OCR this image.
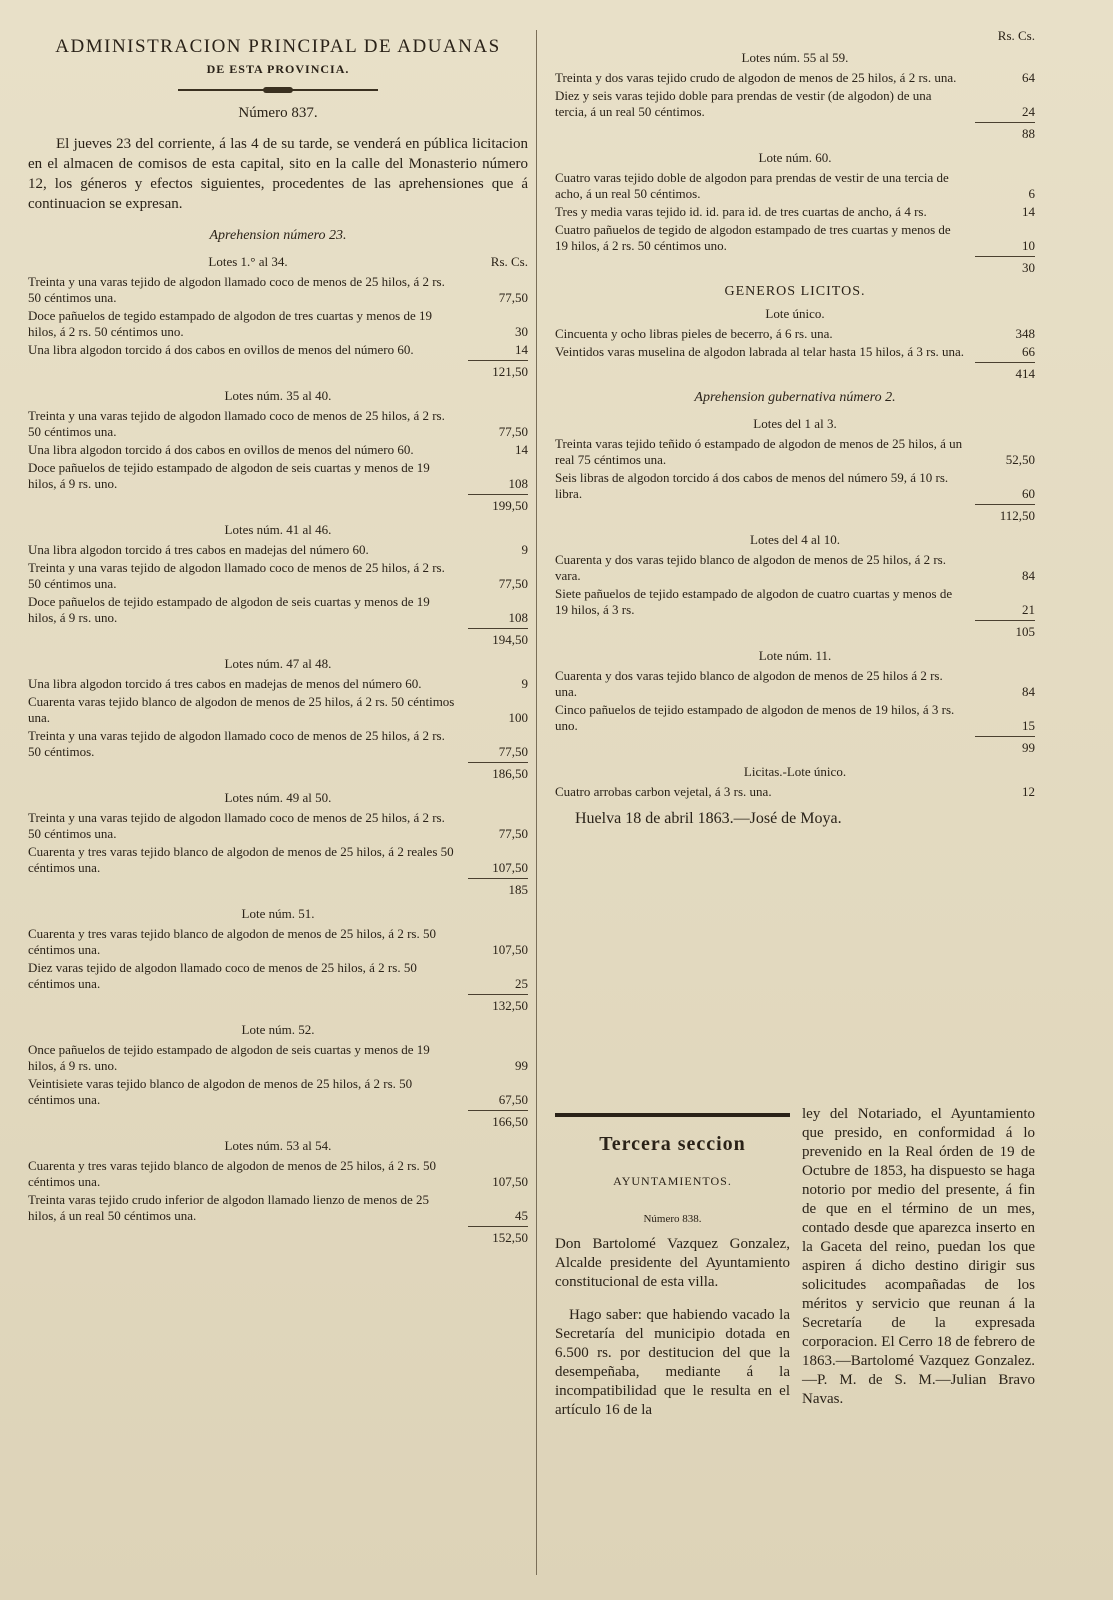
ADMINISTRACION PRINCIPAL DE ADUANAS
DE ESTA PROVINCIA.
Número 837.

El jueves 23 del corriente, á las 4 de su tarde, se venderá en pública licitacion en el almacen de comisos de esta capital, sito en la calle del Monasterio número 12, los géneros y efectos siguientes, procedentes de las aprehensiones que á continuacion se expresan.

Aprehension número 23.
Lotes 1.° al 34.	Rs. Cs.
Treinta y una varas tejido de algodon llamado coco de menos de 25 hilos, á 2 rs. 50 céntimos una.	77,50
Doce pañuelos de tegido estampado de algodon de tres cuartas y menos de 19 hilos, á 2 rs. 50 céntimos uno.	30
Una libra algodon torcido á dos cabos en ovillos de menos del número 60.	14
121,50
Lotes núm. 35 al 40.
Treinta y una varas tejido de algodon llamado coco de menos de 25 hilos, á 2 rs. 50 céntimos una.	77,50
Una libra algodon torcido á dos cabos en ovillos de menos del número 60.	14
Doce pañuelos de tejido estampado de algodon de seis cuartas y menos de 19 hilos, á 9 rs. uno.	108
199,50
Lotes núm. 41 al 46.
Una libra algodon torcido á tres cabos en madejas del número 60.	9
Treinta y una varas tejido de algodon llamado coco de menos de 25 hilos, á 2 rs. 50 céntimos una.	77,50
Doce pañuelos de tejido estampado de algodon de seis cuartas y menos de 19 hilos, á 9 rs. uno.	108
194,50
Lotes núm. 47 al 48.
Una libra algodon torcido á tres cabos en madejas de menos del número 60.	9
Cuarenta varas tejido blanco de algodon de menos de 25 hilos, á 2 rs. 50 céntimos una.	100
Treinta y una varas tejido de algodon llamado coco de menos de 25 hilos, á 2 rs. 50 céntimos.	77,50
186,50
Lotes núm. 49 al 50.
Treinta y una varas tejido de algodon llamado coco de menos de 25 hilos, á 2 rs. 50 céntimos una.	77,50
Cuarenta y tres varas tejido blanco de algodon de menos de 25 hilos, á 2 reales 50 céntimos una.	107,50
185
Lote núm. 51.
Cuarenta y tres varas tejido blanco de algodon de menos de 25 hilos, á 2 rs. 50 céntimos una.	107,50
Diez varas tejido de algodon llamado coco de menos de 25 hilos, á 2 rs. 50 céntimos una.	25
132,50
Lote núm. 52.
Once pañuelos de tejido estampado de algodon de seis cuartas y menos de 19 hilos, á 9 rs. uno.	99
Veintisiete varas tejido blanco de algodon de menos de 25 hilos, á 2 rs. 50 céntimos una.	67,50
166,50
Lotes núm. 53 al 54.
Cuarenta y tres varas tejido blanco de algodon de menos de 25 hilos, á 2 rs. 50 céntimos una.	107,50
Treinta varas tejido crudo inferior de algodon llamado lienzo de menos de 25 hilos, á un real 50 céntimos una.	45
152,50
Rs. Cs.
Lotes núm. 55 al 59.
Treinta y dos varas tejido crudo de algodon de menos de 25 hilos, á 2 rs. una.	64
Diez y seis varas tejido doble para prendas de vestir (de algodon) de una tercia, á un real 50 céntimos.	24
88
Lote núm. 60.
Cuatro varas tejido doble de algodon para prendas de vestir de una tercia de acho, á un real 50 céntimos.	6
Tres y media varas tejido id. id. para id. de tres cuartas de ancho, á 4 rs.	14
Cuatro pañuelos de tegido de algodon estampado de tres cuartas y menos de 19 hilos, á 2 rs. 50 céntimos uno.	10
30
GENEROS LICITOS.
Lote único.
Cincuenta y ocho libras pieles de becerro, á 6 rs. una.	348
Veintidos varas muselina de algodon labrada al telar hasta 15 hilos, á 3 rs. una.	66
414
Aprehension gubernativa número 2.
Lotes del 1 al 3.
Treinta varas tejido teñido ó estampado de algodon de menos de 25 hilos, á un real 75 céntimos una.	52,50
Seis libras de algodon torcido á dos cabos de menos del número 59, á 10 rs. libra.	60
112,50
Lotes del 4 al 10.
Cuarenta y dos varas tejido blanco de algodon de menos de 25 hilos, á 2 rs. vara.	84
Siete pañuelos de tejido estampado de algodon de cuatro cuartas y menos de 19 hilos, á 3 rs.	21
105
Lote núm. 11.
Cuarenta y dos varas tejido blanco de algodon de menos de 25 hilos á 2 rs. una.	84
Cinco pañuelos de tejido estampado de algodon de menos de 19 hilos, á 3 rs. uno.	15
99
Licitas.-Lote único.
Cuatro arrobas carbon vejetal, á 3 rs. una.	12
Huelva 18 de abril 1863.—José de Moya.
Tercera seccion
AYUNTAMIENTOS.
Número 838.
Don Bartolomé Vazquez Gonzalez, Alcalde presidente del Ayuntamiento constitucional de esta villa.
Hago saber: que habiendo vacado la Secretaría del municipio dotada en 6.500 rs. por destitucion del que la desempeñaba, mediante á la incompatibilidad que le resulta en el artículo 16 de la
ley del Notariado, el Ayuntamiento que presido, en conformidad á lo prevenido en la Real órden de 19 de Octubre de 1853, ha dispuesto se haga notorio por medio del presente, á fin de que en el término de un mes, contado desde que aparezca inserto en la Gaceta del reino, puedan los que aspiren á dicho destino dirigir sus solicitudes acompañadas de los méritos y servicio que reunan á la Secretaría de la expresada corporacion. El Cerro 18 de febrero de 1863.—Bartolomé Vazquez Gonzalez.—P. M. de S. M.—Julian Bravo Navas.
